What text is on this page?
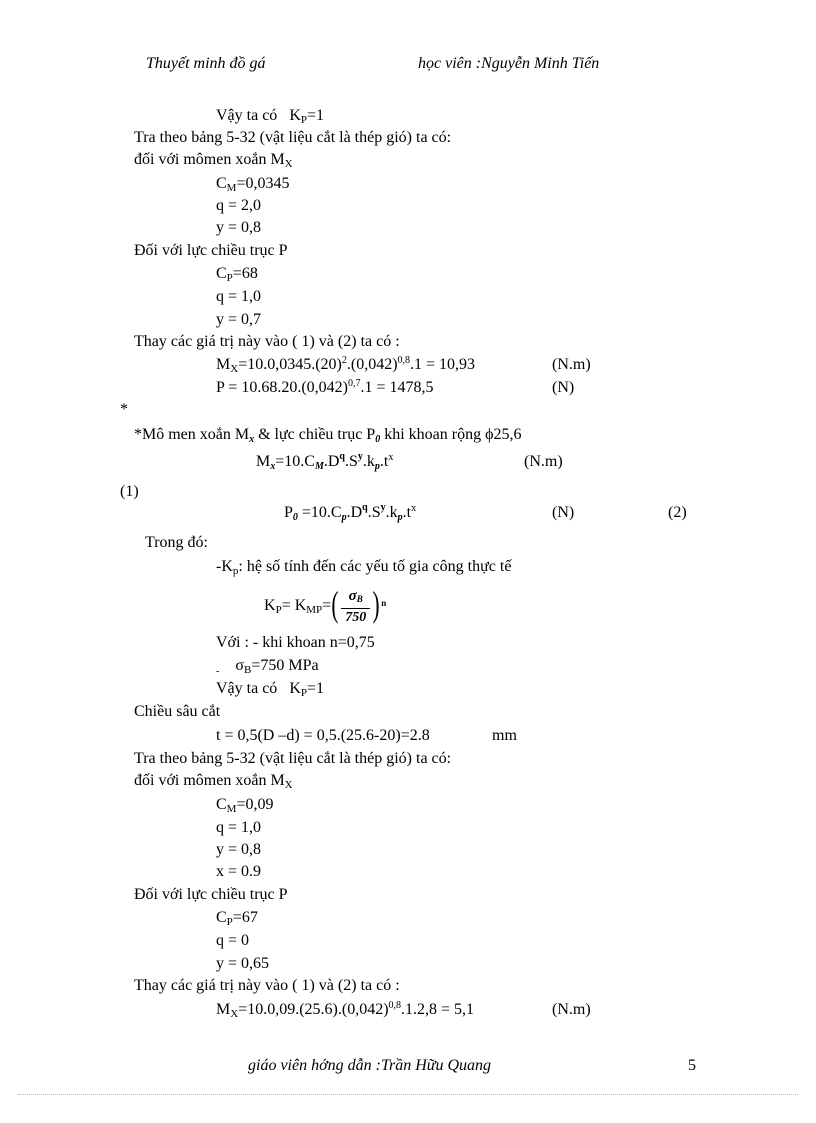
Thuyết minh đồ gá	học viên :Nguyễn Minh Tiến
Vậy ta có   $K_P=1$
Tra theo bảng 5-32 (vật liệu cắt là thép gió) ta có:
đối với mômen xoắn $M_X$
$C_M=0,0345$
q = 2,0
y = 0,8
Đối với lực chiều trục P
$C_P=68$
q = 1,0
y = 0,7
Thay các giá trị này vào ( 1) và (2) ta có :
$M_X=10.0,0345.(20)^2.(0,042)^{0,8}.1 = 10,93$	(N.m)
$P = 10.68.20.(0,042)^{0,7}.1 = 1478,5$	(N)
*
*Mô men xoắn Mx & lực chiều trục P0 khi khoan rộng ϕ25,6
$Mx=10.CM.D^q.S^y.kp.t^x$	(N.m)
(1)
$P0 =10.Cp.D^q.S^y.kp.t^x$	(N)	(2)
Trong đó:
$-K_p$: hệ số tính đến các yếu tố gia công thực tế
$K_P= K_{MP}=$ ( σB
750 ) n
Với : - khi khoan n=0,75
$_-$ $\sigma_B=750$ MPa
Vậy ta có   $K_P=1$
Chiều sâu cắt
t = 0,5(D –d) = 0,5.(25.6-20)=2.8	mm
Tra theo bảng 5-32 (vật liệu cắt là thép gió) ta có:
đối với mômen xoắn $M_X$
$C_M=0,09$
q = 1,0
y = 0,8
x = 0.9
Đối với lực chiều trục P
$C_P=67$
q = 0
y = 0,65
Thay các giá trị này vào ( 1) và (2) ta có :
$M_X=10.0,09.(25.6).(0,042)^{0,8}.1.2,8 = 5,1$	(N.m)
giáo viên hớng dẫn :Trần Hữu Quang	5
